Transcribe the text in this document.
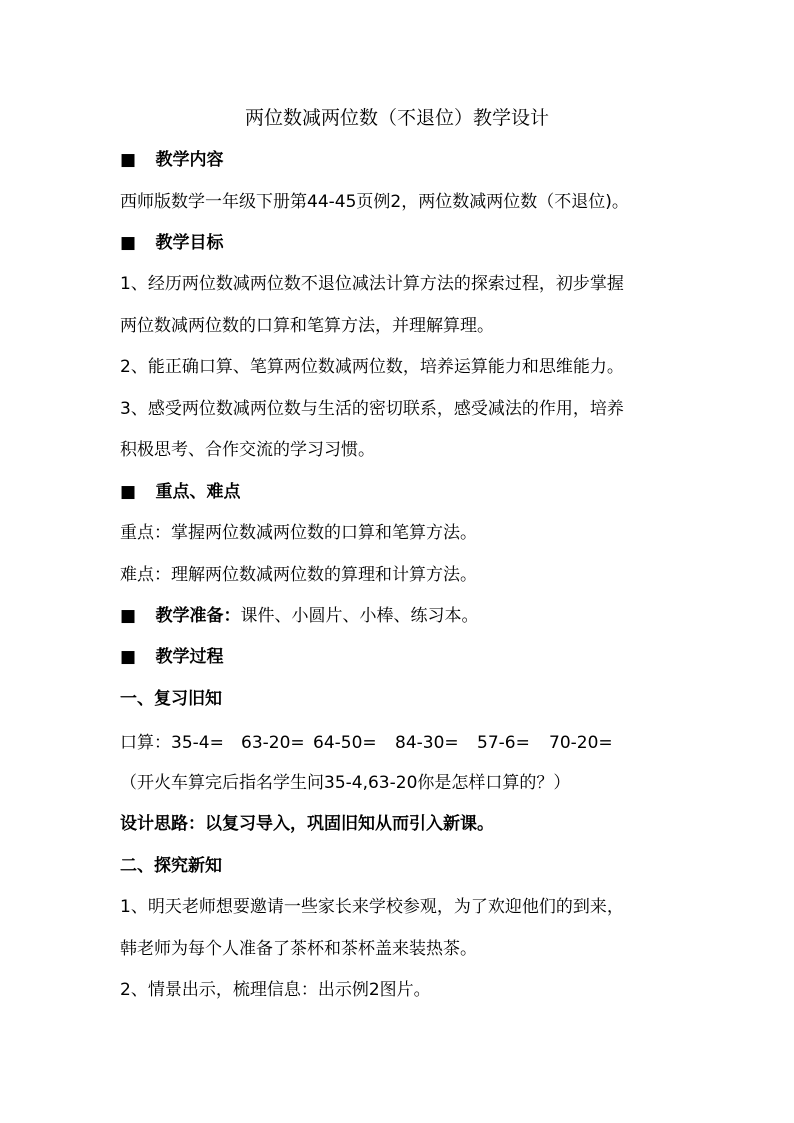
两位数减两位数（不退位）教学设计
■ 教学内容
西师版数学一年级下册第44-45页例2，两位数减两位数（不退位)。
■ 教学目标
1、经历两位数减两位数不退位减法计算方法的探索过程，初步掌握
两位数减两位数的口算和笔算方法，并理解算理。
2、能正确口算、笔算两位数减两位数，培养运算能力和思维能力。
3、感受两位数减两位数与生活的密切联系，感受减法的作用，培养
积极思考、合作交流的学习习惯。
■ 重点、难点
重点：掌握两位数减两位数的口算和笔算方法。
难点：理解两位数减两位数的算理和计算方法。
■ 教学准备：课件、小圆片、小棒、练习本。
■ 教学过程
一、复习旧知
口算：35-4= 63-20= 64-50= 84-30= 57-6= 70-20=
（开火车算完后指名学生问35-4,63-20你是怎样口算的？）
设计思路：以复习导入，巩固旧知从而引入新课。
二、探究新知
1、明天老师想要邀请一些家长来学校参观，为了欢迎他们的到来，
韩老师为每个人准备了茶杯和茶杯盖来装热茶。
2、情景出示，梳理信息：出示例2图片。
